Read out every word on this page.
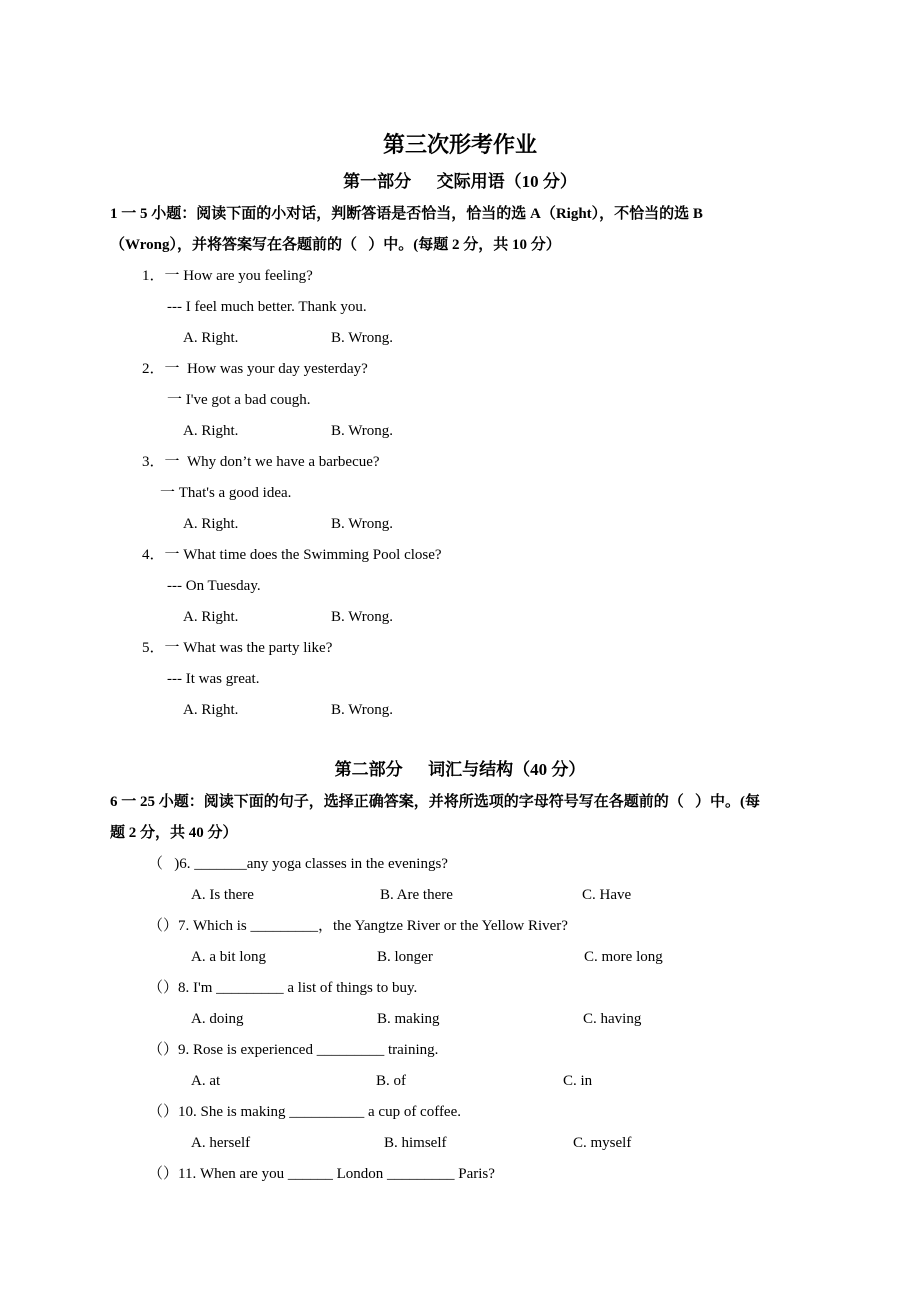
第三次形考作业
第一部分      交际用语（10 分）
1 一 5 小题：阅读下面的小对话，判断答语是否恰当，恰当的选 A（Right），不恰当的选 B
（Wrong），并将答案写在各题前的（   ）中。(每题 2 分，共 10 分）
1．一 How are you feeling?
--- I feel much better. Thank you.
A. Right.	B. Wrong.
2．一  How was your day yesterday?
一 I've got a bad cough.
A. Right.	B. Wrong.
3．一  Why don’t we have a barbecue?
一 That's a good idea.
A. Right.	B. Wrong.
4．一 What time does the Swimming Pool close?
--- On Tuesday.
A. Right.	B. Wrong.
5．一 What was the party like?
--- It was great.
A. Right.	B. Wrong.
第二部分      词汇与结构（40 分）
6 一 25 小题：阅读下面的句子，选择正确答案，并将所选项的字母符号写在各题前的（   ）中。(每
题 2 分，共 40 分）
（   )6. _______any yoga classes in the evenings?
A. Is there	B. Are there	C. Have
（）7. Which is _________，the Yangtze River or the Yellow River?
A. a bit long	B. longer	C. more long
（）8. I'm _________ a list of things to buy.
A. doing	B. making	C. having
（）9. Rose is experienced _________ training.
A. at	B. of	C. in
（）10. She is making __________ a cup of coffee.
A. herself	B. himself	C. myself
（）11. When are you ______ London _________ Paris?
